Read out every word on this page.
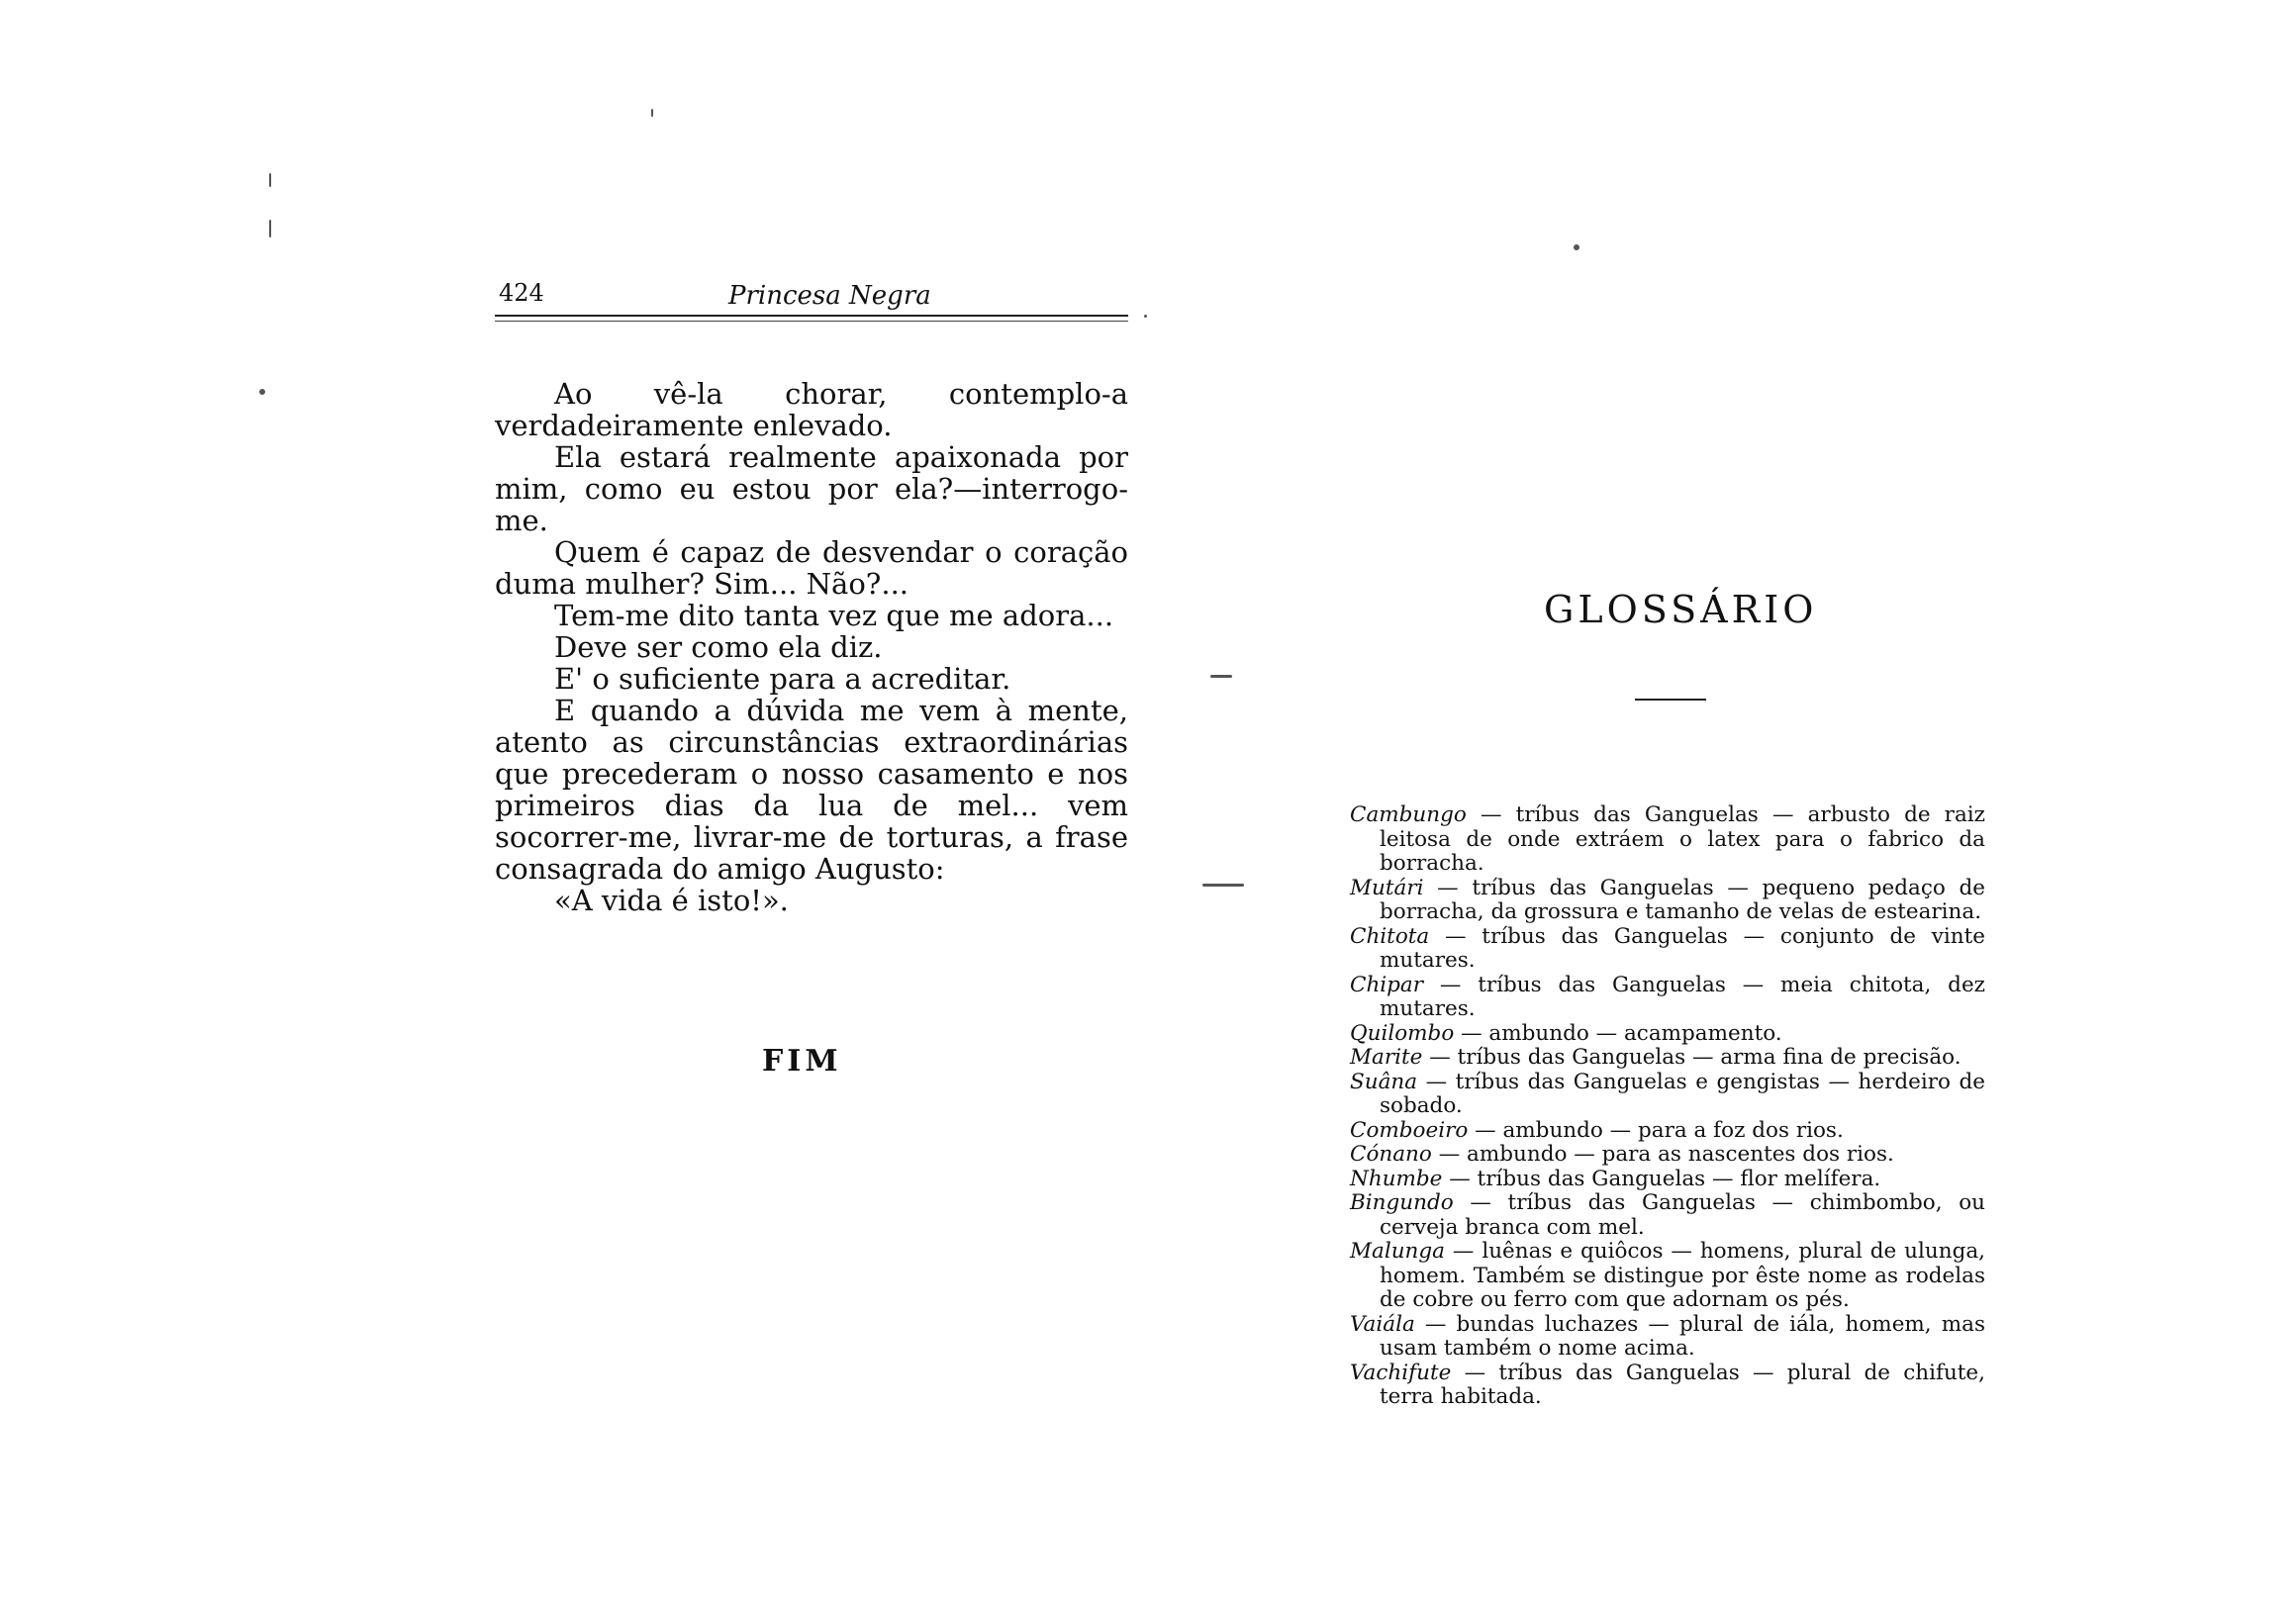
424	Princesa Negra

Ao vê-la chorar, contemplo-a verdadeiramente enlevado.

Ela estará realmente apaixonada por mim, como eu estou por ela?—interrogo-me.

Quem é capaz de desvendar o coração duma mulher? Sim... Não?...

Tem-me dito tanta vez que me adora...

Deve ser como ela diz.

E' o suficiente para a acreditar.

E quando a dúvida me vem à mente, atento as circunstâncias extraordinárias que precederam o nosso casamento e nos primeiros dias da lua de mel... vem socorrer-me, livrar-me de torturas, a frase consagrada do amigo Augusto:

«A vida é isto!».

FIM
GLOSSÁRIO

Cambungo — tríbus das Ganguelas — arbusto de raiz leitosa de onde extráem o latex para o fabrico da borracha.

Mutári — tríbus das Ganguelas — pequeno pedaço de borracha, da grossura e tamanho de velas de estearina.

Chitota — tríbus das Ganguelas — conjunto de vinte mutares.

Chipar — tríbus das Ganguelas — meia chitota, dez mutares.

Quilombo — ambundo — acampamento.

Marite — tríbus das Ganguelas — arma fina de precisão.

Suâna — tríbus das Ganguelas e gengistas — herdeiro de sobado.

Comboeiro — ambundo — para a foz dos rios.

Cónano — ambundo — para as nascentes dos rios.

Nhumbe — tríbus das Ganguelas — flor melífera.

Bingundo — tríbus das Ganguelas — chimbombo, ou cerveja branca com mel.

Malunga — luênas e quiôcos — homens, plural de ulunga, homem. Também se distingue por êste nome as rodelas de cobre ou ferro com que adornam os pés.

Vaiála — bundas luchazes — plural de iála, homem, mas usam também o nome acima.

Vachifute — tríbus das Ganguelas — plural de chifute, terra habitada.
